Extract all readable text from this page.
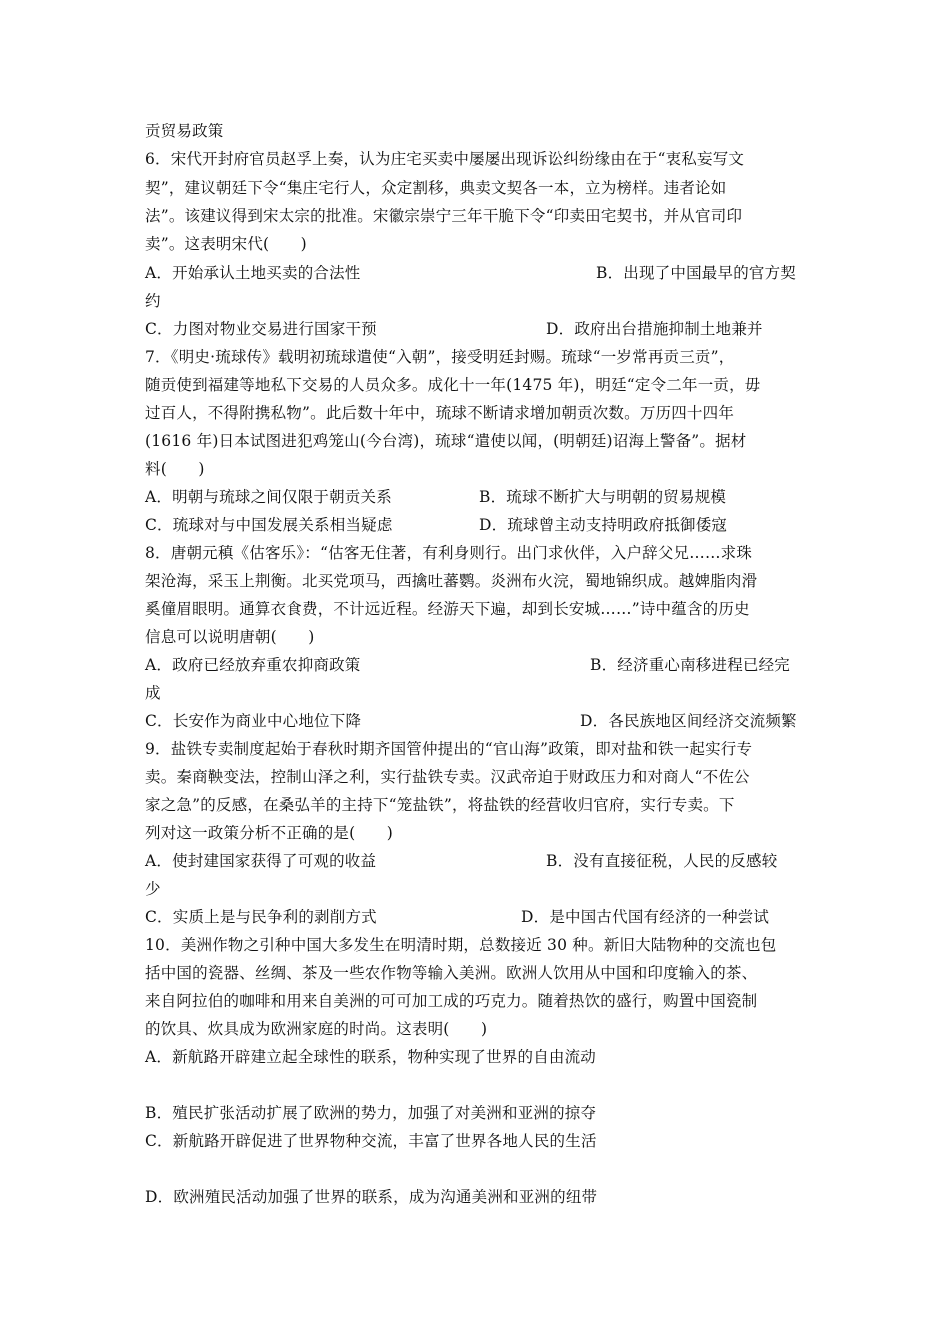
贡贸易政策
6．宋代开封府官员赵孚上奏，认为庄宅买卖中屡屡出现诉讼纠纷缘由在于“衷私妄写文
契”，建议朝廷下令“集庄宅行人，众定割移，典卖文契各一本，立为榜样。违者论如
法”。该建议得到宋太宗的批准。宋徽宗崇宁三年干脆下令“印卖田宅契书，并从官司印
卖”。这表明宋代(　　)
A．开始承认土地买卖的合法性	B．出现了中国最早的官方契
约
C．力图对物业交易进行国家干预	D．政府出台措施抑制土地兼并
7．《明史·琉球传》载明初琉球遣使“入朝”，接受明廷封赐。琉球“一岁常再贡三贡”，
随贡使到福建等地私下交易的人员众多。成化十一年(1475 年)，明廷“定令二年一贡，毋
过百人，不得附携私物”。此后数十年中，琉球不断请求增加朝贡次数。万历四十四年
(1616 年)日本试图进犯鸡笼山(今台湾)，琉球“遣使以闻，(明朝廷)诏海上警备”。据材
料(　　)
A．明朝与琉球之间仅限于朝贡关系	B．琉球不断扩大与明朝的贸易规模
C．琉球对与中国发展关系相当疑虑	D．琉球曾主动支持明政府抵御倭寇
8．唐朝元稹《估客乐》：“估客无住著，有利身则行。出门求伙伴，入户辞父兄……求珠
架沧海，采玉上荆衡。北买党项马，西擒吐蕃鹦。炎洲布火浣，蜀地锦织成。越婢脂肉滑
奚僮眉眼明。通算衣食费，不计远近程。经游天下遍，却到长安城……”诗中蕴含的历史
信息可以说明唐朝(　　)
A．政府已经放弃重农抑商政策	B．经济重心南移进程已经完
成
C．长安作为商业中心地位下降	D．各民族地区间经济交流频繁
9．盐铁专卖制度起始于春秋时期齐国管仲提出的“官山海”政策，即对盐和铁一起实行专
卖。秦商鞅变法，控制山泽之利，实行盐铁专卖。汉武帝迫于财政压力和对商人“不佐公
家之急”的反感，在桑弘羊的主持下“笼盐铁”，将盐铁的经营收归官府，实行专卖。下
列对这一政策分析不正确的是(　　)
A．使封建国家获得了可观的收益	B．没有直接征税，人民的反感较
少
C．实质上是与民争利的剥削方式	D．是中国古代国有经济的一种尝试
10．美洲作物之引种中国大多发生在明清时期，总数接近 30 种。新旧大陆物种的交流也包
括中国的瓷器、丝绸、茶及一些农作物等输入美洲。欧洲人饮用从中国和印度输入的茶、
来自阿拉伯的咖啡和用来自美洲的可可加工成的巧克力。随着热饮的盛行，购置中国瓷制
的饮具、炊具成为欧洲家庭的时尚。这表明(　　)
A．新航路开辟建立起全球性的联系，物种实现了世界的自由流动
B．殖民扩张活动扩展了欧洲的势力，加强了对美洲和亚洲的掠夺
C．新航路开辟促进了世界物种交流，丰富了世界各地人民的生活
D．欧洲殖民活动加强了世界的联系，成为沟通美洲和亚洲的纽带
